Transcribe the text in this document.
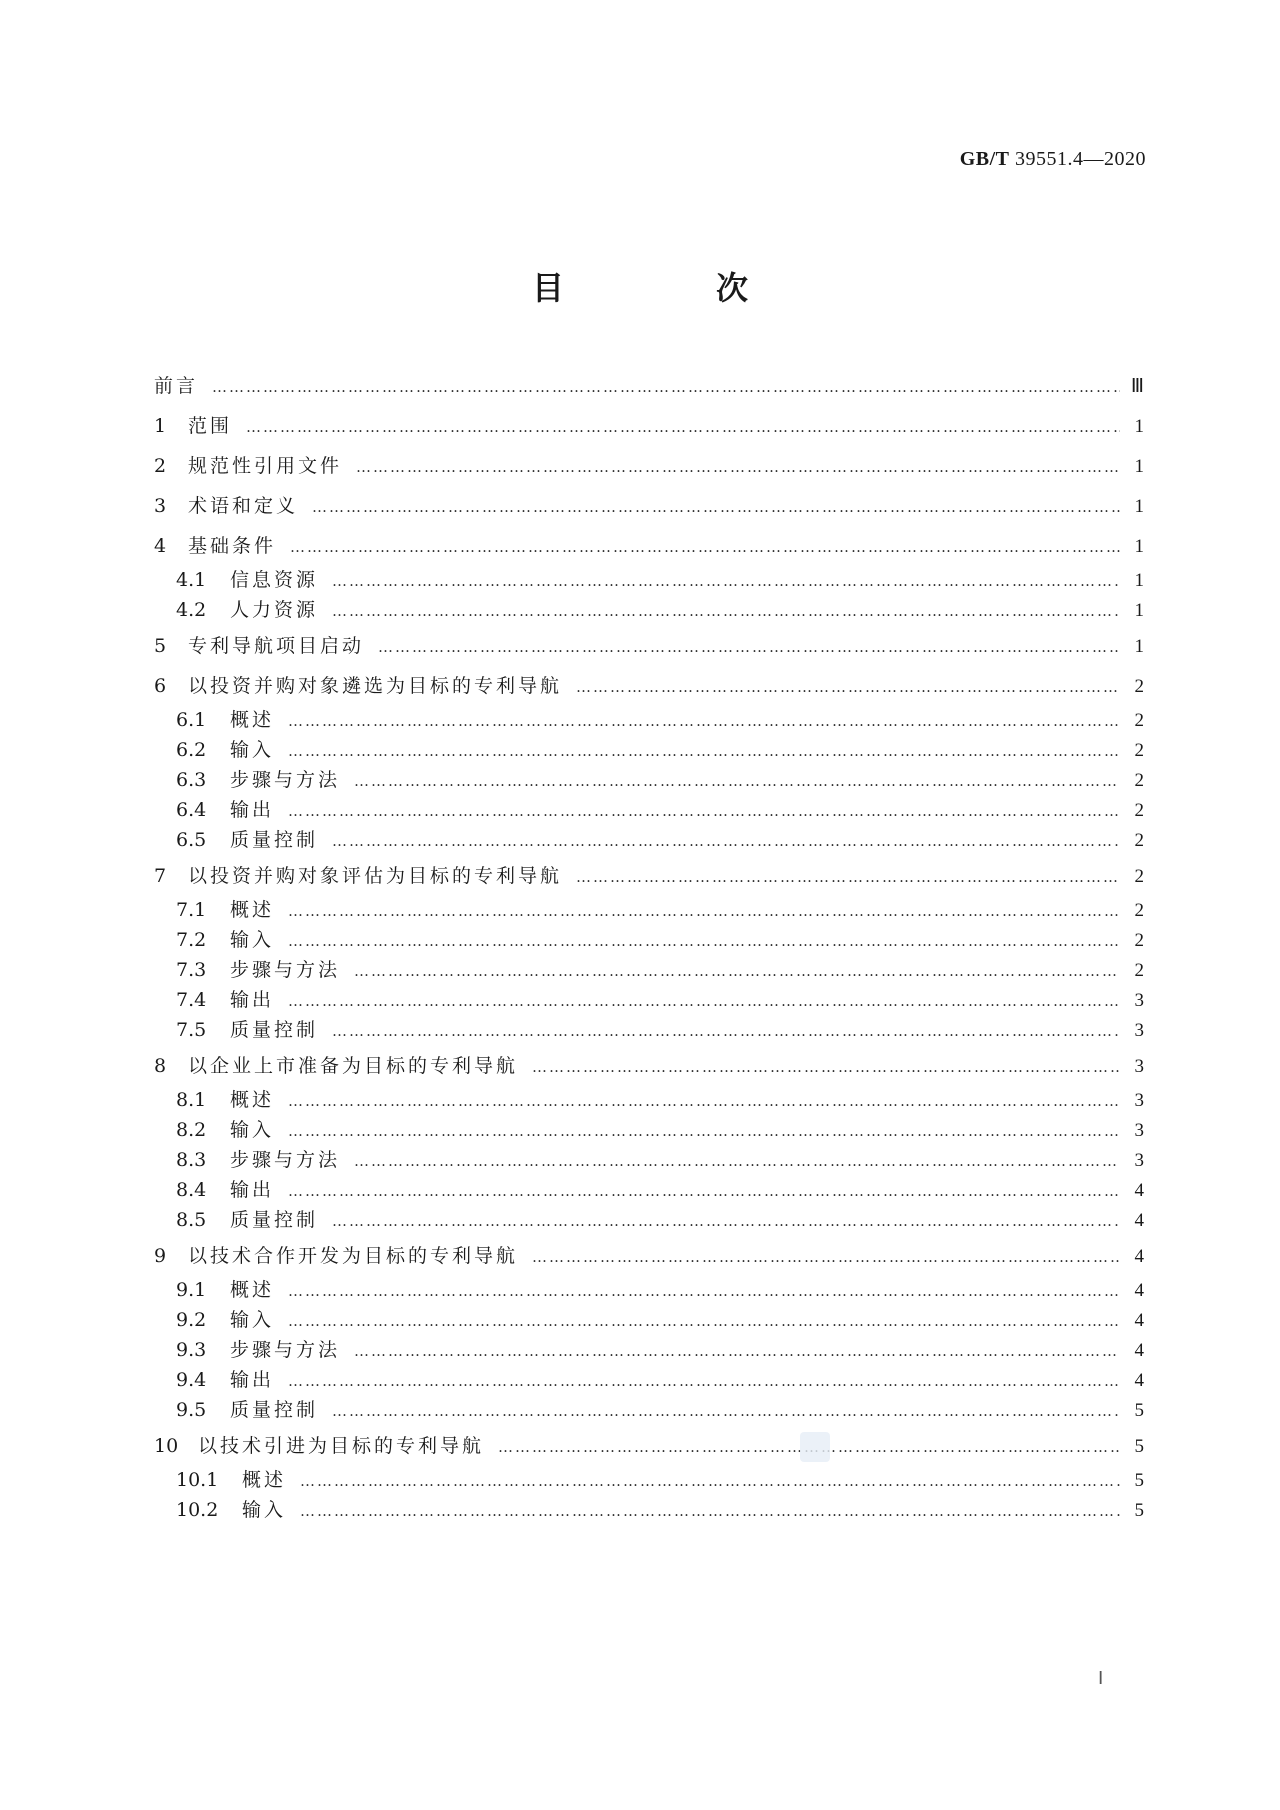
GB/T 39551.4—2020
目　次
前言 ………………………………………………………………………………………………………………………………………………………………………………………………………………………………………………	Ⅲ
1	范围 ………………………………………………………………………………………………………………………………………………………………………………………………………………………………………………	1
2	规范性引用文件 ………………………………………………………………………………………………………………………………………………………………………………………………………………………………………………	1
3	术语和定义 ………………………………………………………………………………………………………………………………………………………………………………………………………………………………………………	1
4	基础条件 ………………………………………………………………………………………………………………………………………………………………………………………………………………………………………………	1
4.1	信息资源 ………………………………………………………………………………………………………………………………………………………………………………………………………………………………………………	1
4.2	人力资源 ………………………………………………………………………………………………………………………………………………………………………………………………………………………………………………	1
5	专利导航项目启动 ………………………………………………………………………………………………………………………………………………………………………………………………………………………………………………	1
6	以投资并购对象遴选为目标的专利导航 ………………………………………………………………………………………………………………………………………………………………………………………………………………………………………………	2
6.1	概述 ………………………………………………………………………………………………………………………………………………………………………………………………………………………………………………	2
6.2	输入 ………………………………………………………………………………………………………………………………………………………………………………………………………………………………………………	2
6.3	步骤与方法 ………………………………………………………………………………………………………………………………………………………………………………………………………………………………………………	2
6.4	输出 ………………………………………………………………………………………………………………………………………………………………………………………………………………………………………………	2
6.5	质量控制 ………………………………………………………………………………………………………………………………………………………………………………………………………………………………………………	2
7	以投资并购对象评估为目标的专利导航 ………………………………………………………………………………………………………………………………………………………………………………………………………………………………………………	2
7.1	概述 ………………………………………………………………………………………………………………………………………………………………………………………………………………………………………………	2
7.2	输入 ………………………………………………………………………………………………………………………………………………………………………………………………………………………………………………	2
7.3	步骤与方法 ………………………………………………………………………………………………………………………………………………………………………………………………………………………………………………	2
7.4	输出 ………………………………………………………………………………………………………………………………………………………………………………………………………………………………………………	3
7.5	质量控制 ………………………………………………………………………………………………………………………………………………………………………………………………………………………………………………	3
8	以企业上市准备为目标的专利导航 ………………………………………………………………………………………………………………………………………………………………………………………………………………………………………………	3
8.1	概述 ………………………………………………………………………………………………………………………………………………………………………………………………………………………………………………	3
8.2	输入 ………………………………………………………………………………………………………………………………………………………………………………………………………………………………………………	3
8.3	步骤与方法 ………………………………………………………………………………………………………………………………………………………………………………………………………………………………………………	3
8.4	输出 ………………………………………………………………………………………………………………………………………………………………………………………………………………………………………………	4
8.5	质量控制 ………………………………………………………………………………………………………………………………………………………………………………………………………………………………………………	4
9	以技术合作开发为目标的专利导航 ………………………………………………………………………………………………………………………………………………………………………………………………………………………………………………	4
9.1	概述 ………………………………………………………………………………………………………………………………………………………………………………………………………………………………………………	4
9.2	输入 ………………………………………………………………………………………………………………………………………………………………………………………………………………………………………………	4
9.3	步骤与方法 ………………………………………………………………………………………………………………………………………………………………………………………………………………………………………………	4
9.4	输出 ………………………………………………………………………………………………………………………………………………………………………………………………………………………………………………	4
9.5	质量控制 ………………………………………………………………………………………………………………………………………………………………………………………………………………………………………………	5
10	以技术引进为目标的专利导航 ………………………………………………………………………………………………………………………………………………………………………………………………………………………………………………	5
10.1	概述 ………………………………………………………………………………………………………………………………………………………………………………………………………………………………………………	5
10.2	输入 ………………………………………………………………………………………………………………………………………………………………………………………………………………………………………………	5
Ⅰ
